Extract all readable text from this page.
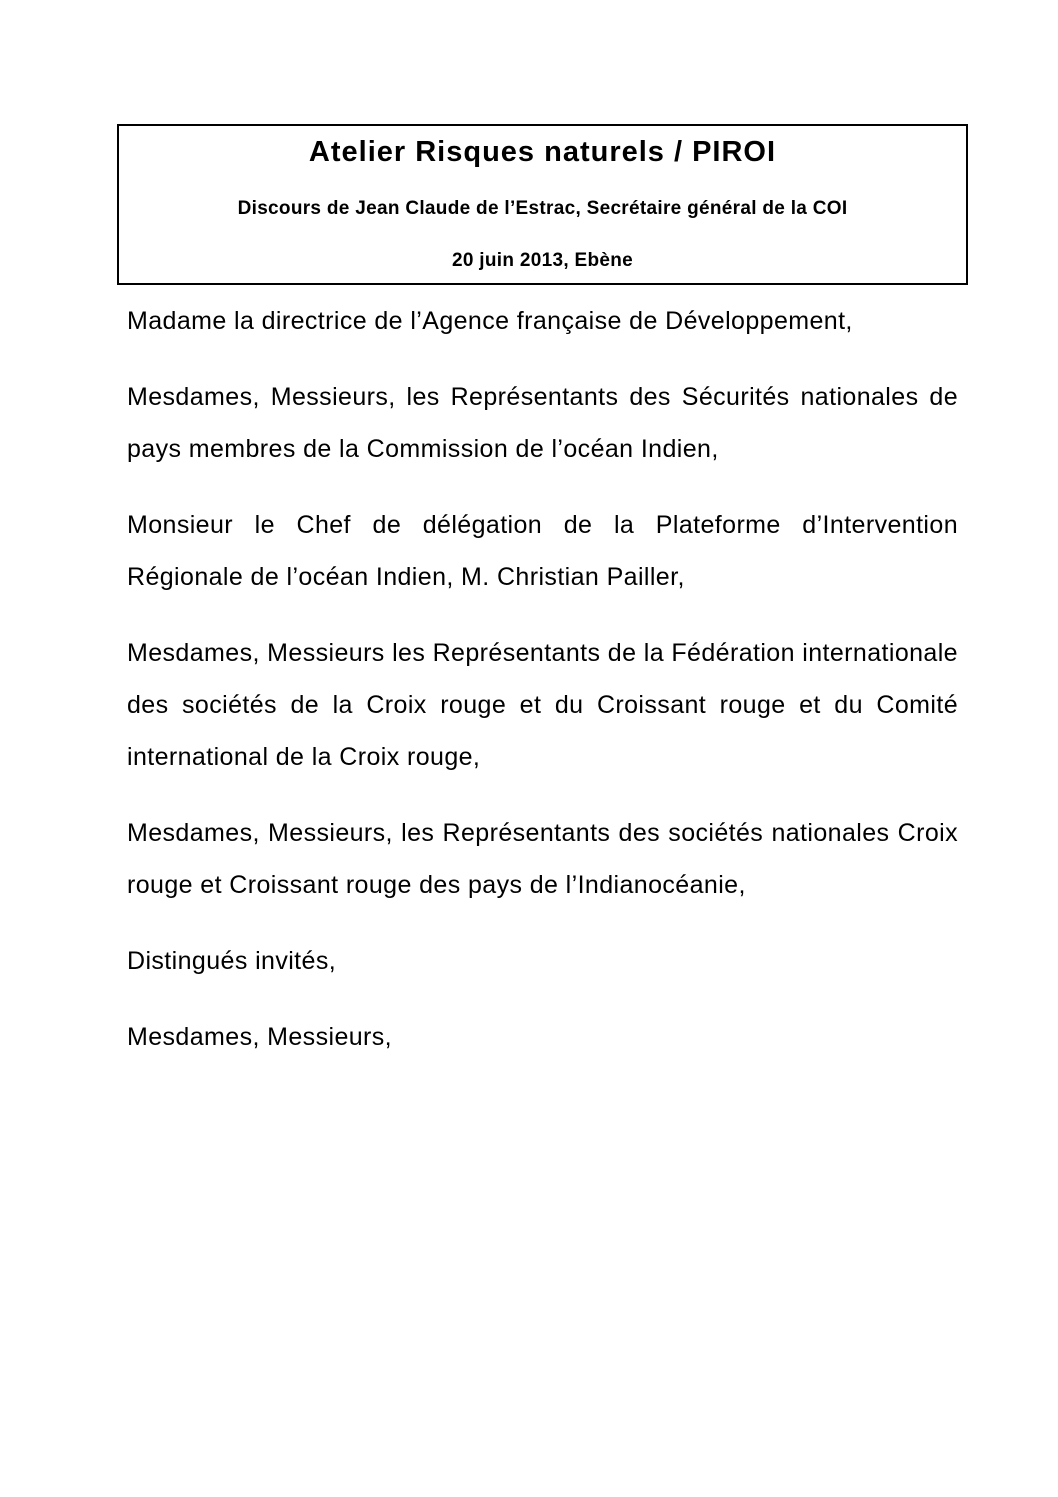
Atelier Risques naturels / PIROI
Discours de Jean Claude de l’Estrac, Secrétaire général de la COI
20 juin 2013, Ebène

Madame la directrice de l’Agence française de Développement,

Mesdames, Messieurs, les Représentants des Sécurités nationales de pays membres de la Commission de l’océan Indien,

Monsieur le Chef de délégation de la Plateforme d’Intervention Régionale de l’océan Indien, M. Christian Pailler,

Mesdames, Messieurs les Représentants de la Fédération internationale des sociétés de la Croix rouge et du Croissant rouge et du Comité international de la Croix rouge,

Mesdames, Messieurs, les Représentants des sociétés nationales Croix rouge et Croissant rouge des pays de l’Indianocéanie,

Distingués invités,

Mesdames, Messieurs,
